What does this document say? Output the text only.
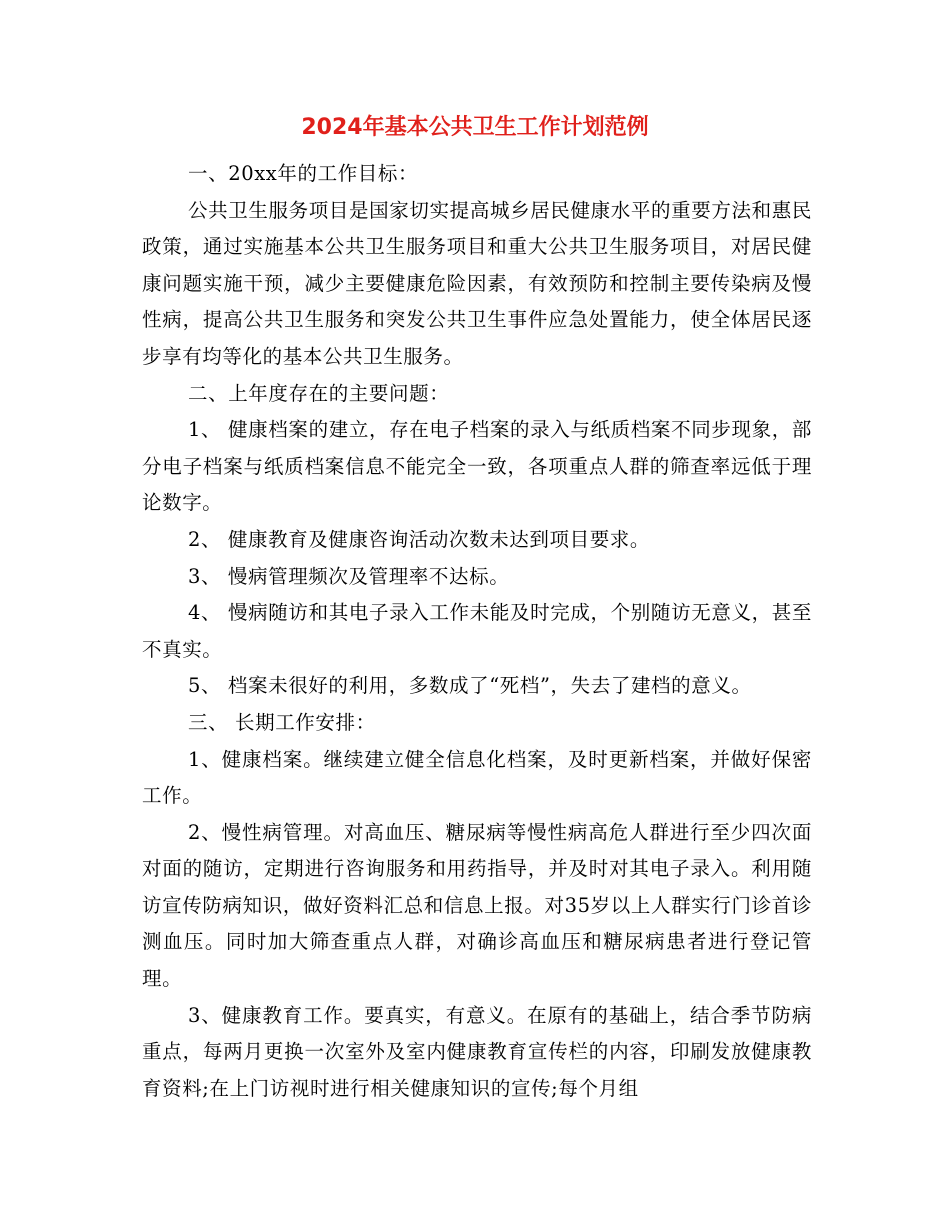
2024年基本公共卫生工作计划范例

一、20xx年的工作目标：

公共卫生服务项目是国家切实提高城乡居民健康水平的重要方法和惠民政策，通过实施基本公共卫生服务项目和重大公共卫生服务项目，对居民健康问题实施干预，减少主要健康危险因素，有效预防和控制主要传染病及慢性病，提高公共卫生服务和突发公共卫生事件应急处置能力，使全体居民逐步享有均等化的基本公共卫生服务。

二、上年度存在的主要问题：

1、 健康档案的建立，存在电子档案的录入与纸质档案不同步现象，部分电子档案与纸质档案信息不能完全一致，各项重点人群的筛查率远低于理论数字。

2、 健康教育及健康咨询活动次数未达到项目要求。

3、 慢病管理频次及管理率不达标。

4、 慢病随访和其电子录入工作未能及时完成，个别随访无意义，甚至不真实。

5、 档案未很好的利用，多数成了“死档”，失去了建档的意义。

三、 长期工作安排：

1、健康档案。继续建立健全信息化档案，及时更新档案，并做好保密工作。

2、慢性病管理。对高血压、糖尿病等慢性病高危人群进行至少四次面对面的随访，定期进行咨询服务和用药指导，并及时对其电子录入。利用随访宣传防病知识，做好资料汇总和信息上报。对35岁以上人群实行门诊首诊测血压。同时加大筛查重点人群，对确诊高血压和糖尿病患者进行登记管理。

3、健康教育工作。要真实，有意义。在原有的基础上，结合季节防病重点，每两月更换一次室外及室内健康教育宣传栏的内容，印刷发放健康教育资料;在上门访视时进行相关健康知识的宣传;每个月组
